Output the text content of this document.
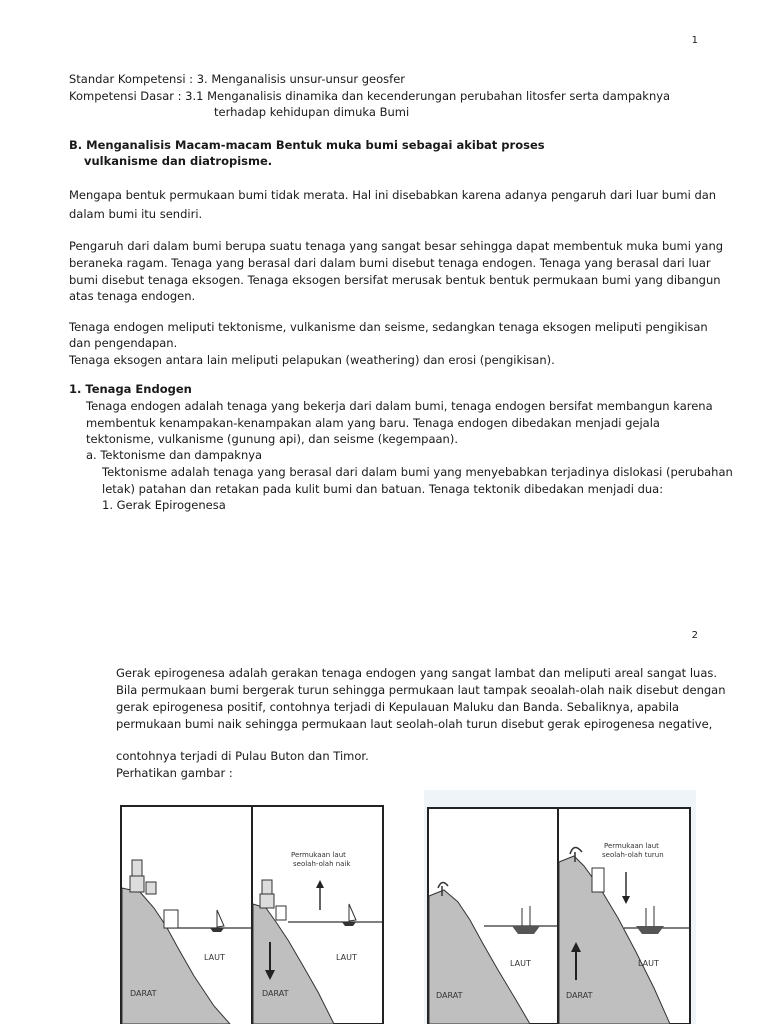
1
Standar Kompetensi : 3. Menganalisis unsur-unsur geosfer
Kompetensi Dasar : 3.1 Menganalisis dinamika dan kecenderungan perubahan litosfer serta dampaknya
terhadap kehidupan dimuka Bumi
B. Menganalisis Macam-macam Bentuk muka bumi sebagai akibat proses
vulkanisme dan diatropisme.
Mengapa bentuk permukaan bumi tidak merata. Hal ini disebabkan karena adanya pengaruh dari luar bumi dan
dalam bumi itu sendiri.
Pengaruh dari dalam bumi berupa suatu tenaga yang sangat besar sehingga dapat membentuk muka bumi yang
beraneka ragam. Tenaga yang berasal dari dalam bumi disebut tenaga endogen. Tenaga yang berasal dari luar
bumi disebut tenaga eksogen. Tenaga eksogen bersifat merusak bentuk bentuk permukaan bumi yang dibangun
atas tenaga endogen.
Tenaga endogen meliputi tektonisme, vulkanisme dan seisme, sedangkan tenaga eksogen meliputi pengikisan
dan pengendapan.
Tenaga eksogen antara lain meliputi pelapukan (weathering) dan erosi (pengikisan).
1. Tenaga Endogen
Tenaga endogen adalah tenaga yang bekerja dari dalam bumi, tenaga endogen bersifat membangun karena
membentuk kenampakan-kenampakan alam yang baru. Tenaga endogen dibedakan menjadi gejala
tektonisme, vulkanisme (gunung api), dan seisme (kegempaan).
a. Tektonisme dan dampaknya
Tektonisme adalah tenaga yang berasal dari dalam bumi yang menyebabkan terjadinya dislokasi (perubahan
letak) patahan dan retakan pada kulit bumi dan batuan. Tenaga tektonik dibedakan menjadi dua:
1. Gerak Epirogenesa
2
Gerak epirogenesa adalah gerakan tenaga endogen yang sangat lambat dan meliputi areal sangat luas.
Bila permukaan bumi bergerak turun sehingga permukaan laut tampak seoalah-olah naik disebut dengan
gerak epirogenesa positif, contohnya terjadi di Kepulauan Maluku dan Banda. Sebaliknya, apabila
permukaan bumi naik sehingga permukaan laut seolah-olah turun disebut gerak epirogenesa negative,
contohnya terjadi di Pulau Buton dan Timor.
Perhatikan gambar :
Permukaan laut
seolah-olah naik
LAUT	LAUT
DARAT	DARAT
Permukaan laut
seolah-olah turun
LAUT	LAUT
DARAT	DARAT
